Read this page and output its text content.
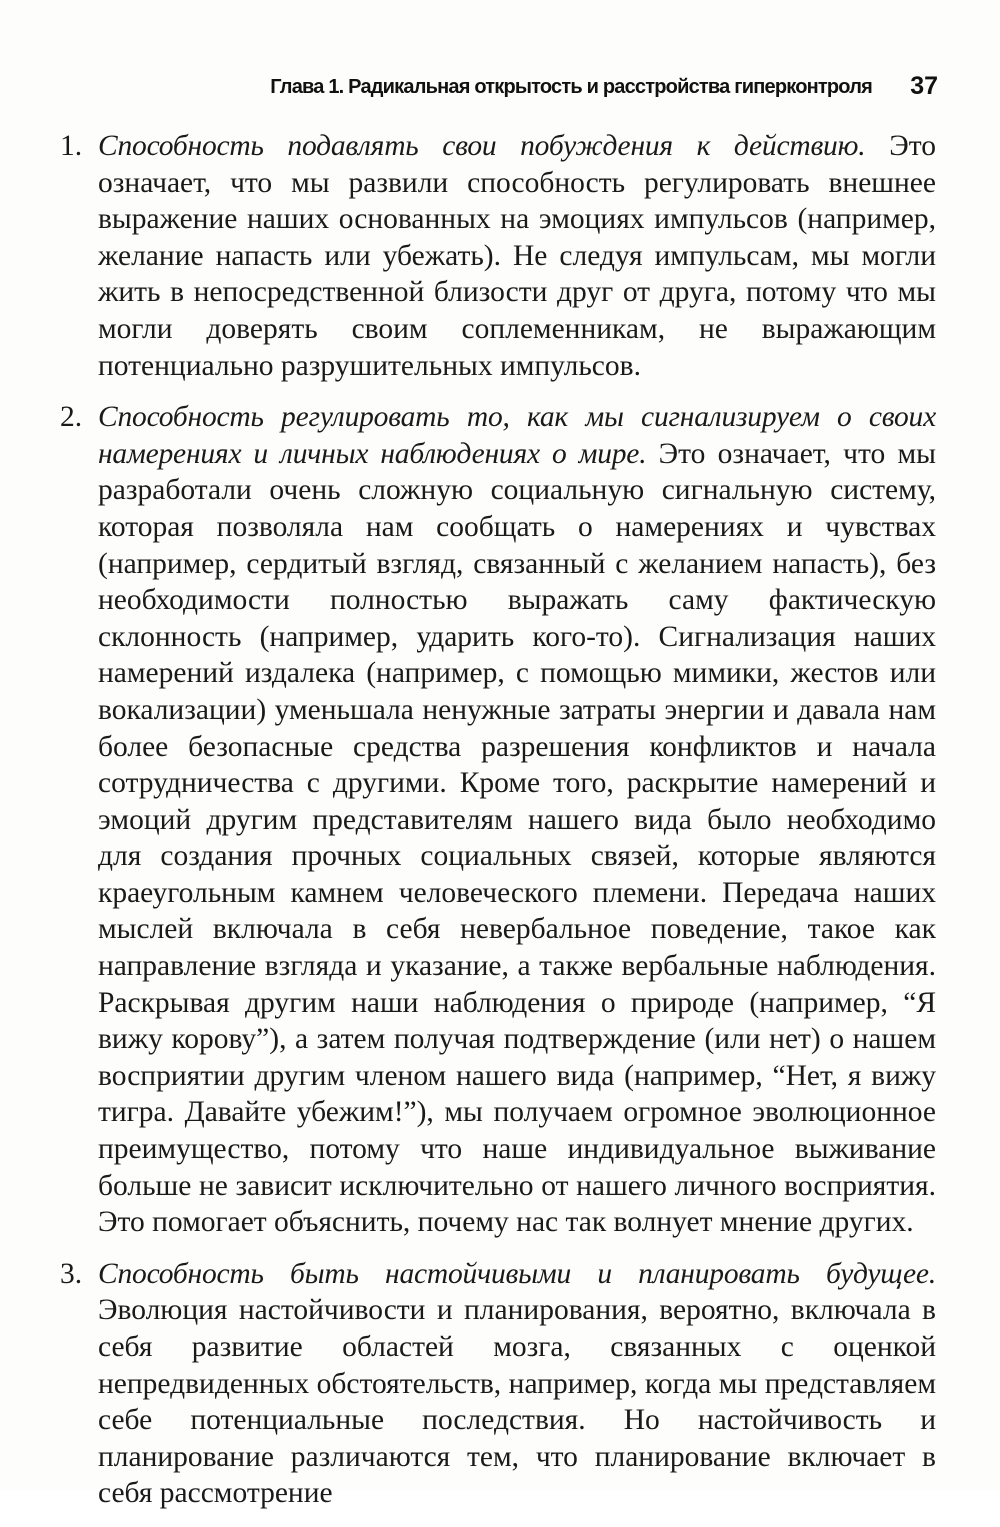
Глава 1. Радикальная открытость и расстройства гиперконтроля 37
1. Способность подавлять свои побуждения к действию. Это означает, что мы развили способность регулировать внешнее выражение наших основанных на эмоциях импульсов (например, желание напасть или убежать). Не следуя импульсам, мы могли жить в непосредственной близости друг от друга, потому что мы могли доверять своим соплеменникам, не выражающим потенциально разрушительных импульсов.
2. Способность регулировать то, как мы сигнализируем о своих намерениях и личных наблюдениях о мире. Это означает, что мы разработали очень сложную социальную сигнальную систему, которая позволяла нам сообщать о намерениях и чувствах (например, сердитый взгляд, связанный с желанием напасть), без необходимости полностью выражать саму фактическую склонность (например, ударить кого-то). Сигнализация наших намерений издалека (например, с помощью мимики, жестов или вокализации) уменьшала ненужные затраты энергии и давала нам более безопасные средства разрешения конфликтов и начала сотрудничества с другими. Кроме того, раскрытие намерений и эмоций другим представителям нашего вида было необходимо для создания прочных социальных связей, которые являются краеугольным камнем человеческого племени. Передача наших мыслей включала в себя невербальное поведение, такое как направление взгляда и указание, а также вербальные наблюдения. Раскрывая другим наши наблюдения о природе (например, “Я вижу корову”), а затем получая подтверждение (или нет) о нашем восприятии другим членом нашего вида (например, “Нет, я вижу тигра. Давайте убежим!”), мы получаем огромное эволюционное преимущество, потому что наше индивидуальное выживание больше не зависит исключительно от нашего личного восприятия. Это помогает объяснить, почему нас так волнует мнение других.
3. Способность быть настойчивыми и планировать будущее. Эволюция настойчивости и планирования, вероятно, включала в себя развитие областей мозга, связанных с оценкой непредвиденных обстоятельств, например, когда мы представляем себе потенциальные последствия. Но настойчивость и планирование различаются тем, что планирование включает в себя рассмотрение
